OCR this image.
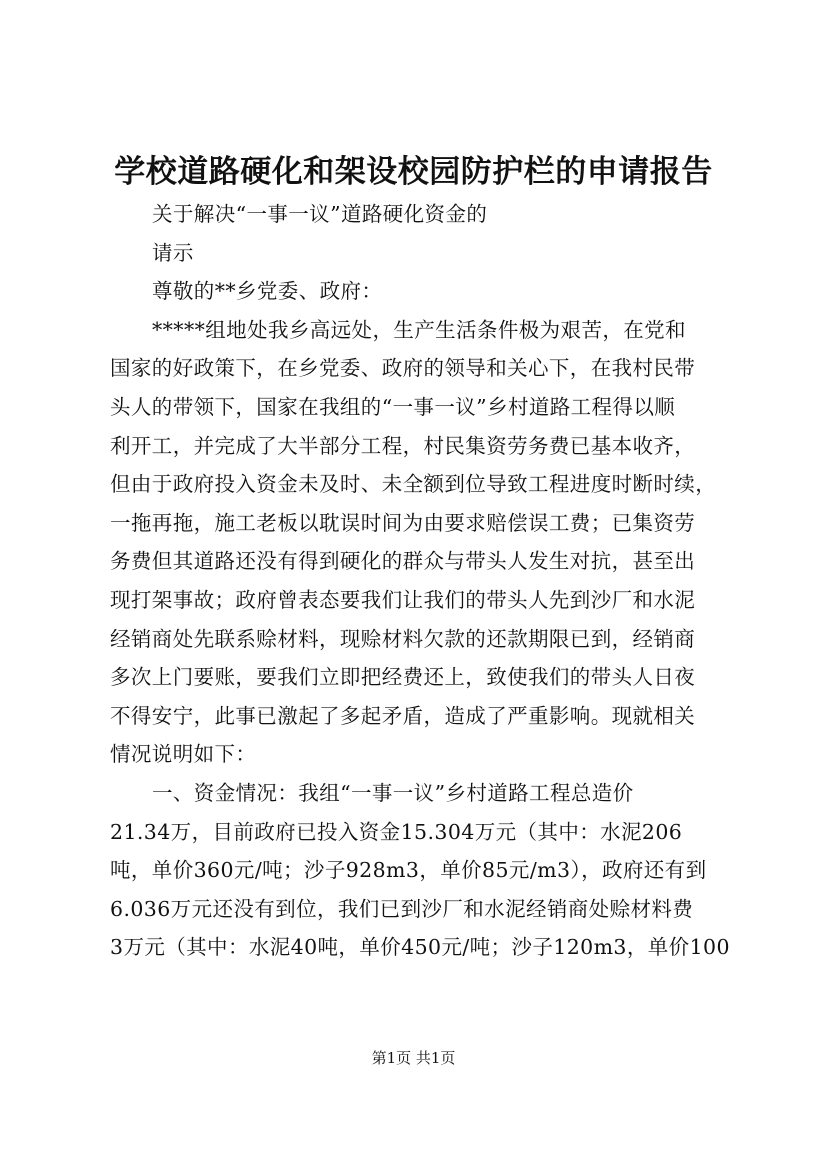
学校道路硬化和架设校园防护栏的申请报告
关于解决“一事一议”道路硬化资金的
请示
尊敬的**乡党委、政府：
*****组地处我乡高远处，生产生活条件极为艰苦，在党和
国家的好政策下，在乡党委、政府的领导和关心下，在我村民带
头人的带领下，国家在我组的“一事一议”乡村道路工程得以顺
利开工，并完成了大半部分工程，村民集资劳务费已基本收齐，
但由于政府投入资金未及时、未全额到位导致工程进度时断时续，
一拖再拖，施工老板以耽误时间为由要求赔偿误工费；已集资劳
务费但其道路还没有得到硬化的群众与带头人发生对抗，甚至出
现打架事故；政府曾表态要我们让我们的带头人先到沙厂和水泥
经销商处先联系赊材料，现赊材料欠款的还款期限已到，经销商
多次上门要账，要我们立即把经费还上，致使我们的带头人日夜
不得安宁，此事已激起了多起矛盾，造成了严重影响。现就相关
情况说明如下：
一、资金情况：我组“一事一议”乡村道路工程总造价
21.34万，目前政府已投入资金15.304万元（其中：水泥206
吨，单价360元/吨；沙子928m3，单价85元/m3），政府还有到
6.036万元还没有到位，我们已到沙厂和水泥经销商处赊材料费
3万元（其中：水泥40吨，单价450元/吨；沙子120m3，单价100
第1页 共1页
